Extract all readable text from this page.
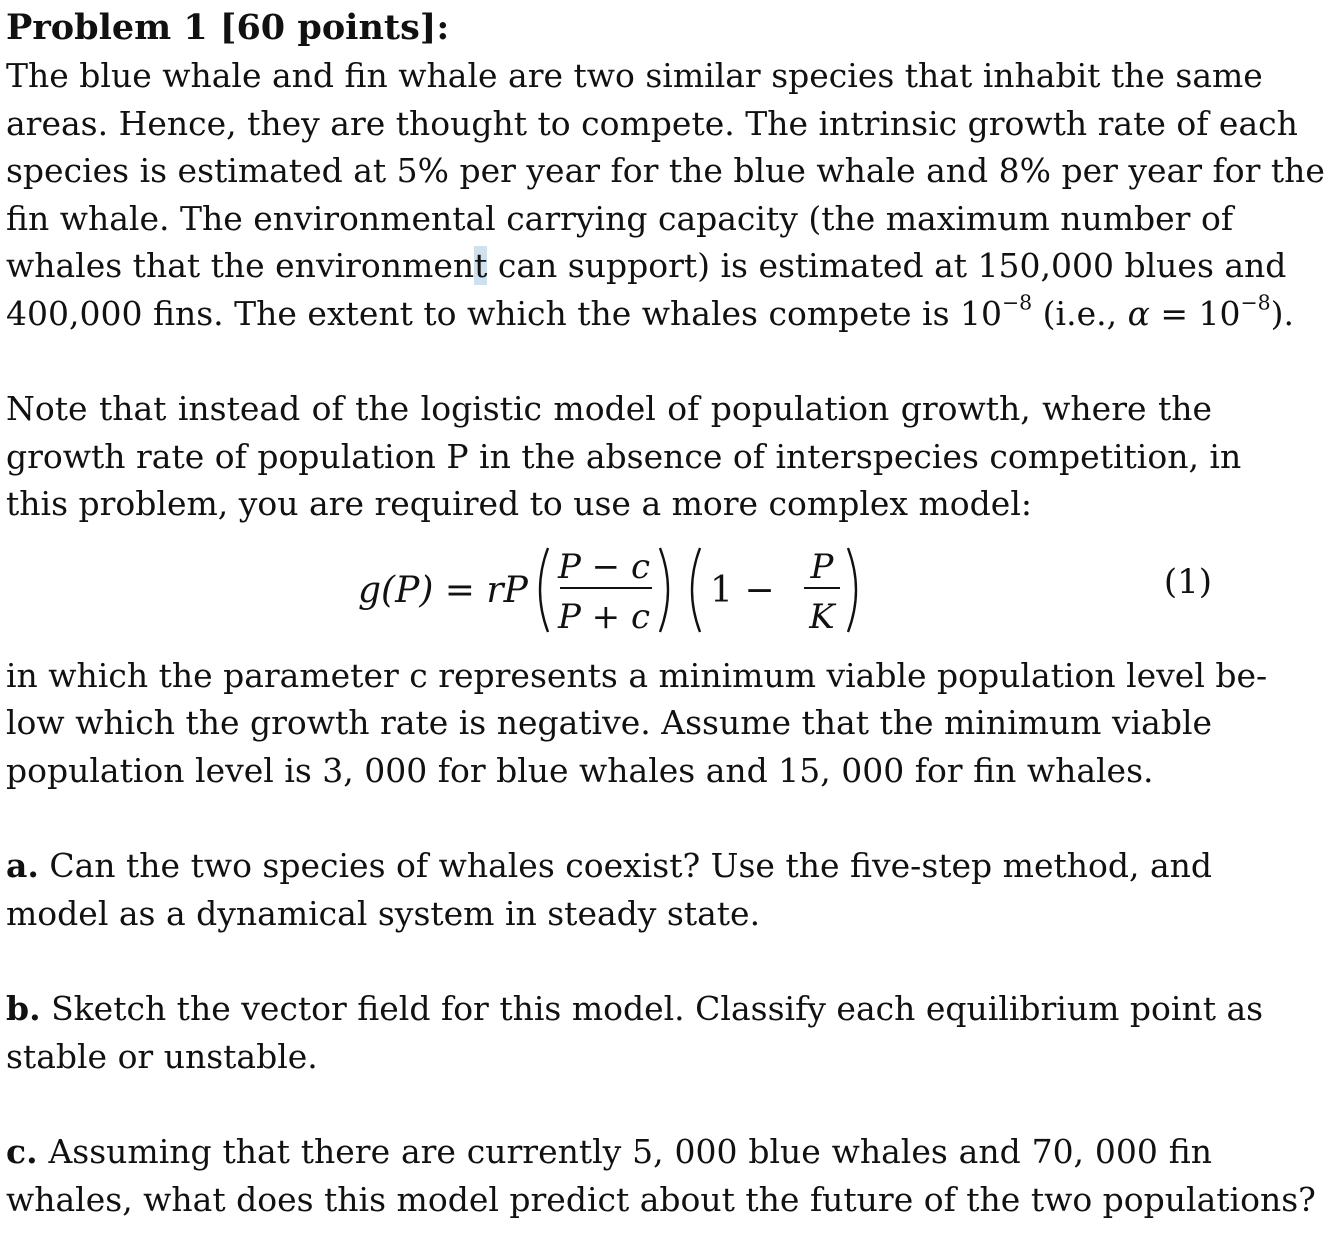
Problem 1 [60 points]:
The blue whale and fin whale are two similar species that inhabit the same
areas. Hence, they are thought to compete. The intrinsic growth rate of each
species is estimated at 5% per year for the blue whale and 8% per year for the
fin whale. The environmental carrying capacity (the maximum number of
whales that the environment can support) is estimated at 150,000 blues and
400,000 fins. The extent to which the whales compete is $10^{-8}$ (i.e., $\alpha = 10^{-8}$).
Note that instead of the logistic model of population growth, where the
growth rate of population P in the absence of interspecies competition, in
this problem, you are required to use a more complex model:
g(P) = rP
P − c
P + c
1 −
P
K
(1)
in which the parameter c represents a minimum viable population level be-
low which the growth rate is negative. Assume that the minimum viable
population level is 3, 000 for blue whales and 15, 000 for fin whales.
a. Can the two species of whales coexist? Use the five-step method, and
model as a dynamical system in steady state.
b. Sketch the vector field for this model. Classify each equilibrium point as
stable or unstable.
c. Assuming that there are currently 5, 000 blue whales and 70, 000 fin
whales, what does this model predict about the future of the two populations?
